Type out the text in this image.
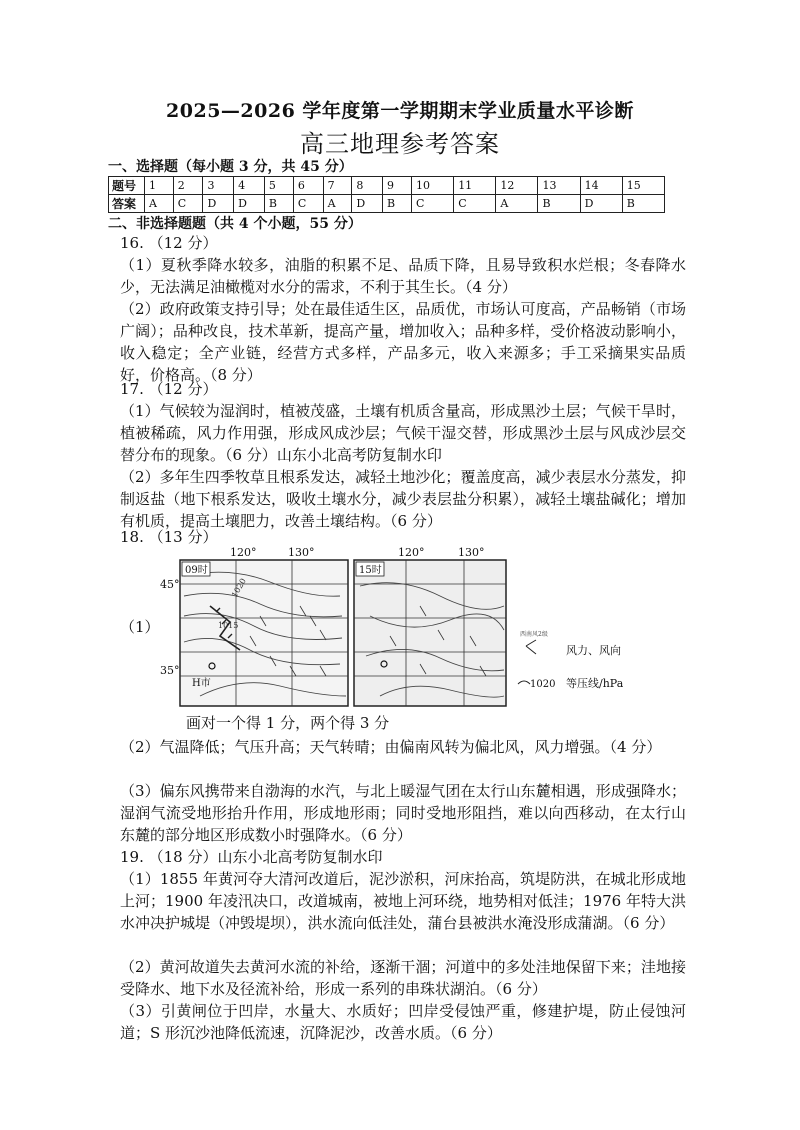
2025—2026 学年度第一学期期末学业质量水平诊断
高三地理参考答案
一、选择题（每小题 3 分，共 45 分）
题号	1	2	3	4	5	6	7	8	9	10	11	12	13	14	15
答案	A	C	D	D	B	C	A	D	B	C	C	A	B	D	B
二、非选择题题（共 4 个小题，55 分）
16. （12 分）
（1）夏秋季降水较多，油脂的积累不足、品质下降，且易导致积水烂根；冬春降水少，无法满足油橄榄对水分的需求，不利于其生长。（4 分）
（2）政府政策支持引导；处在最佳适生区，品质优，市场认可度高，产品畅销（市场广阔）；品种改良，技术革新，提高产量，增加收入；品种多样，受价格波动影响小，收入稳定；全产业链，经营方式多样，产品多元，收入来源多；手工采摘果实品质好，价格高。（8 分）
17. （12 分）
（1）气候较为湿润时，植被茂盛，土壤有机质含量高，形成黑沙土层；气候干旱时，植被稀疏，风力作用强，形成风成沙层；气候干湿交替，形成黑沙土层与风成沙层交替分布的现象。（6 分）山东小北高考防复制水印
（2）多年生四季牧草且根系发达，减轻土地沙化；覆盖度高，减少表层水分蒸发，抑制返盐（地下根系发达，吸收土壤水分，减少表层盐分积累），减轻土壤盐碱化；增加有机质，提高土壤肥力，改善土壤结构。（6 分）
18. （13 分）
（1）
09时
120°	130°
45°
35°
H市
1020
1015
15时
120°	130°
西南风2级
风力、风向
1020 等压线/hPa
画对一个得 1 分，两个得 3 分
（2）气温降低；气压升高；天气转晴；由偏南风转为偏北风，风力增强。（4 分）
（3）偏东风携带来自渤海的水汽，与北上暖湿气团在太行山东麓相遇，形成强降水；湿润气流受地形抬升作用，形成地形雨；同时受地形阻挡，难以向西移动，在太行山东麓的部分地区形成数小时强降水。（6 分）
19. （18 分）山东小北高考防复制水印
（1）1855 年黄河夺大清河改道后，泥沙淤积，河床抬高，筑堤防洪，在城北形成地上河；1900 年凌汛决口，改道城南，被地上河环绕，地势相对低洼；1976 年特大洪水冲决护城堤（冲毁堤坝），洪水流向低洼处，蒲台县被洪水淹没形成蒲湖。（6 分）
（2）黄河故道失去黄河水流的补给，逐渐干涸；河道中的多处洼地保留下来；洼地接受降水、地下水及径流补给，形成一系列的串珠状湖泊。（6 分）
（3）引黄闸位于凹岸，水量大、水质好；凹岸受侵蚀严重，修建护堤，防止侵蚀河道；S 形沉沙池降低流速，沉降泥沙，改善水质。（6 分）
